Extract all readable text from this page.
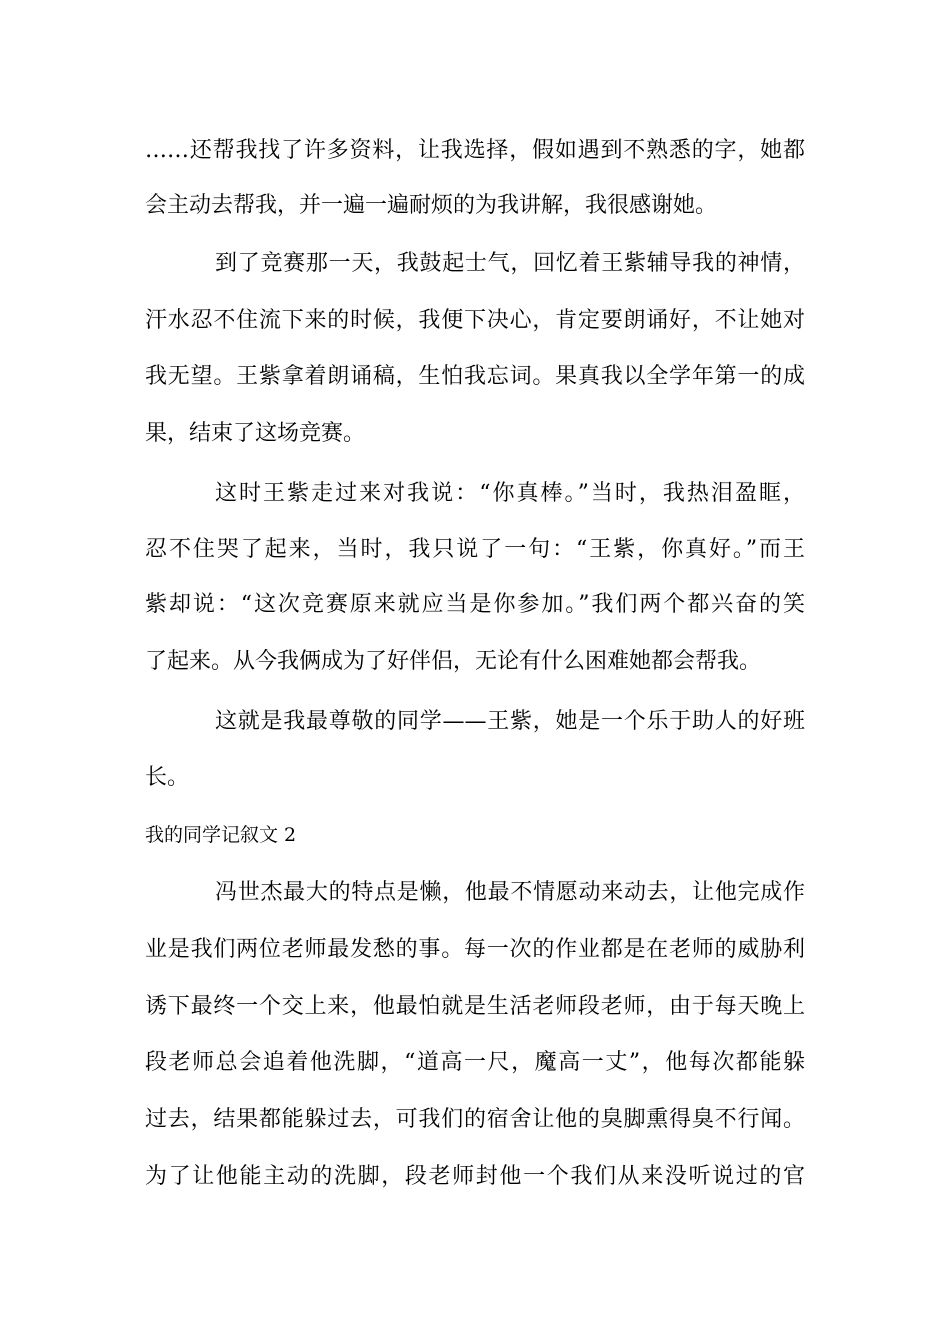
……还帮我找了许多资料，让我选择，假如遇到不熟悉的字，她都
会主动去帮我，并一遍一遍耐烦的为我讲解，我很感谢她。
到了竞赛那一天，我鼓起士气，回忆着王紫辅导我的神情，
汗水忍不住流下来的时候，我便下决心，肯定要朗诵好，不让她对
我无望。王紫拿着朗诵稿，生怕我忘词。果真我以全学年第一的成
果，结束了这场竞赛。
这时王紫走过来对我说：“你真棒。”当时，我热泪盈眶，
忍不住哭了起来，当时，我只说了一句：“王紫，你真好。”而王
紫却说：“这次竞赛原来就应当是你参加。”我们两个都兴奋的笑
了起来。从今我俩成为了好伴侣，无论有什么困难她都会帮我。
这就是我最尊敬的同学——王紫，她是一个乐于助人的好班
长。
我的同学记叙文 2
冯世杰最大的特点是懒，他最不情愿动来动去，让他完成作
业是我们两位老师最发愁的事。每一次的作业都是在老师的威胁利
诱下最终一个交上来，他最怕就是生活老师段老师，由于每天晚上
段老师总会追着他洗脚，“道高一尺，魔高一丈”，他每次都能躲
过去，结果都能躲过去，可我们的宿舍让他的臭脚熏得臭不行闻。
为了让他能主动的洗脚，段老师封他一个我们从来没听说过的官
